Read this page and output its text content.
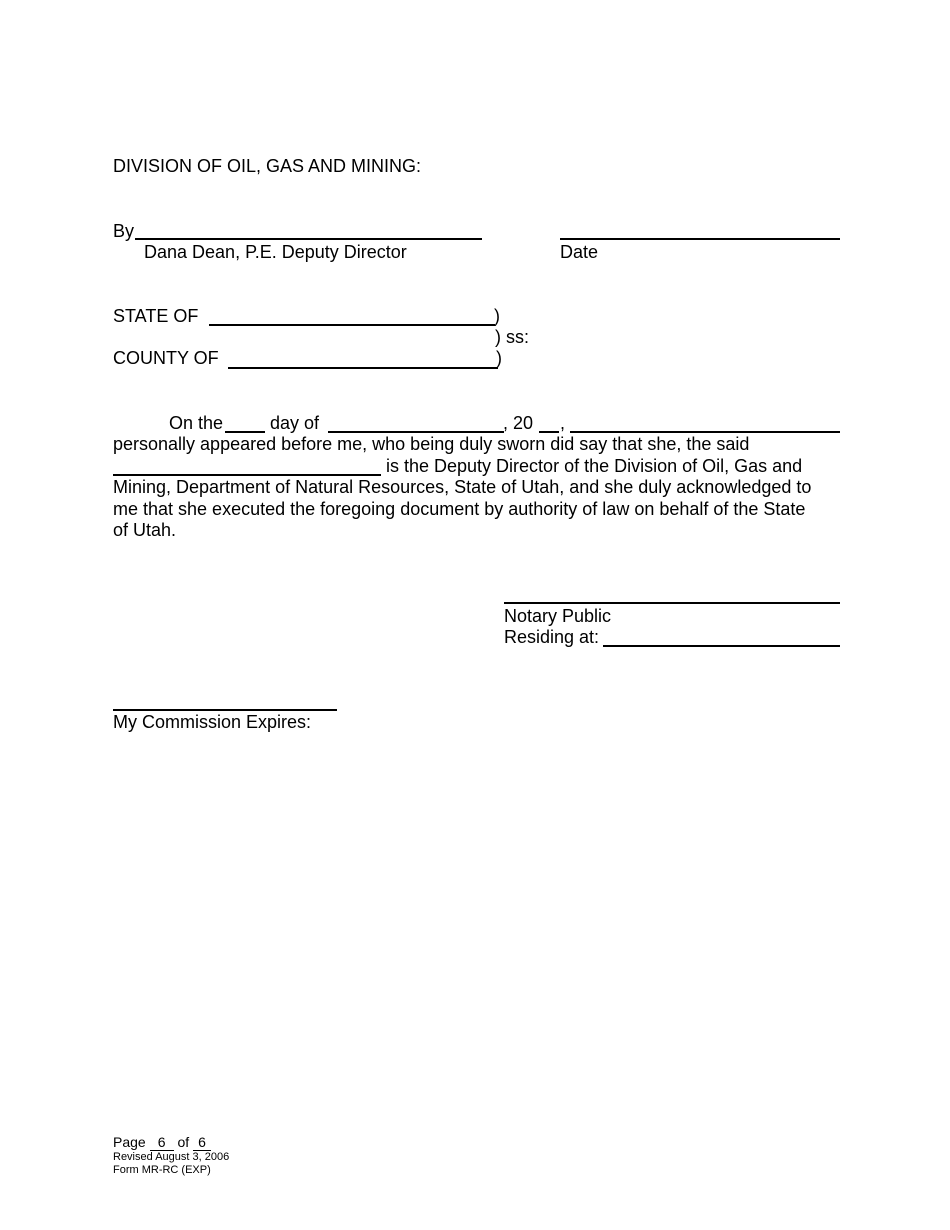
DIVISION OF OIL, GAS AND MINING:
By
Dana Dean, P.E. Deputy Director	Date
STATE OF	)
) ss:
COUNTY OF	)
On the	day of	, 20 ,
personally appeared before me, who being duly sworn did say that she, the said
is the Deputy Director of the Division of Oil, Gas and
Mining, Department of Natural Resources, State of Utah, and she duly acknowledged to
me that she executed the foregoing document by authority of law on behalf of the State
of Utah.
Notary Public
Residing at:
My Commission Expires:
Page 6 of 6
Revised August 3, 2006
Form MR-RC (EXP)
